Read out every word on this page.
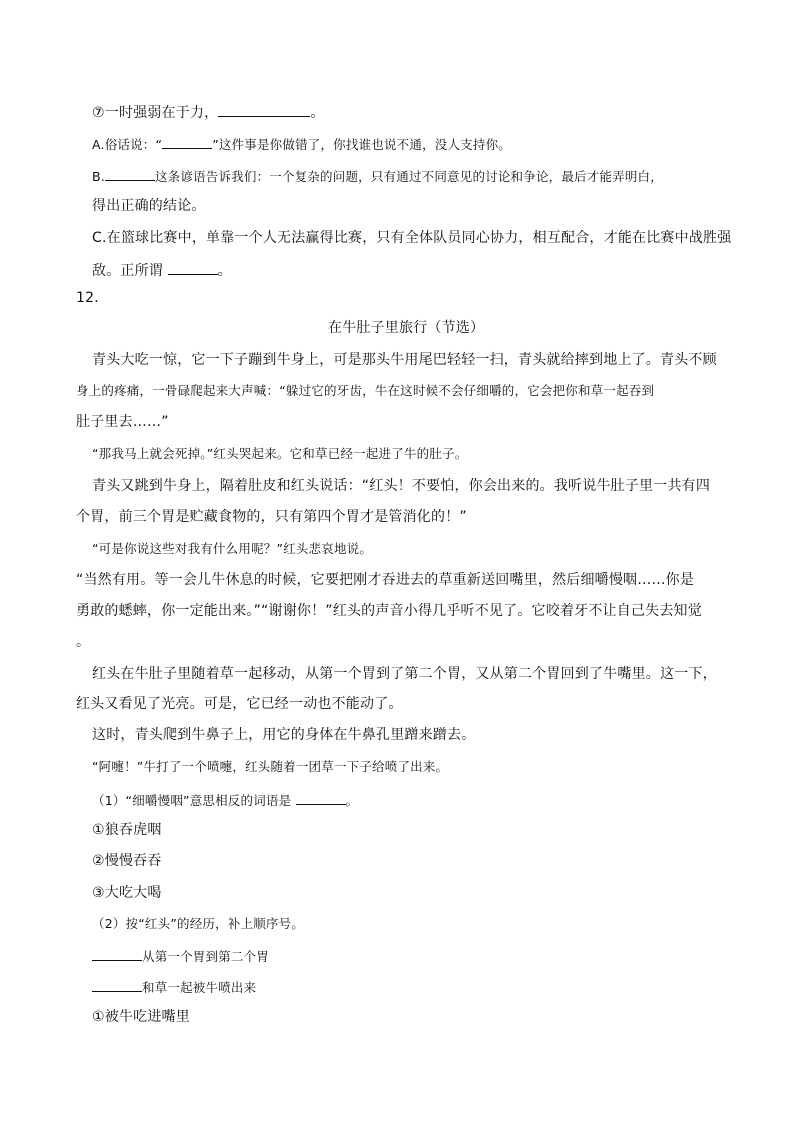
⑦一时强弱在于力，	。
A.俗话说：“	”这件事是你做错了，你找谁也说不通，没人支持你。
B.	这条谚语告诉我们：一个复杂的问题，只有通过不同意见的讨论和争论，最后才能弄明白，
得出正确的结论。
C.在篮球比赛中，单靠一个人无法赢得比赛，只有全体队员同心协力，相互配合，才能在比赛中战胜强
敌。正所谓	。
12．
在牛肚子里旅行（节选）
青头大吃一惊，它一下子蹦到牛身上，可是那头牛用尾巴轻轻一扫，青头就给摔到地上了。青头不顾
身上的疼痛，一骨碌爬起来大声喊：“躲过它的牙齿，牛在这时候不会仔细嚼的，它会把你和草一起吞到
肚子里去……”
“那我马上就会死掉。”红头哭起来。它和草已经一起进了牛的肚子。
青头又跳到牛身上，隔着肚皮和红头说话：“红头！不要怕，你会出来的。我听说牛肚子里一共有四
个胃，前三个胃是贮藏食物的，只有第四个胃才是管消化的！”
“可是你说这些对我有什么用呢？”红头悲哀地说。
“当然有用。等一会儿牛休息的时候，它要把刚才吞进去的草重新送回嘴里，然后细嚼慢咽……你是
勇敢的蟋蟀，你一定能出来。”“谢谢你！”红头的声音小得几乎听不见了。它咬着牙不让自己失去知觉
。
红头在牛肚子里随着草一起移动，从第一个胃到了第二个胃，又从第二个胃回到了牛嘴里。这一下，
红头又看见了光亮。可是，它已经一动也不能动了。
这时，青头爬到牛鼻子上，用它的身体在牛鼻孔里蹭来蹭去。
“阿嚏！”牛打了一个喷嚏，红头随着一团草一下子给喷了出来。
（1）“细嚼慢咽”意思相反的词语是	。
①狼吞虎咽
②慢慢吞吞
③大吃大喝
（2）按“红头”的经历，补上顺序号。
从第一个胃到第二个胃
和草一起被牛喷出来
①被牛吃进嘴里
